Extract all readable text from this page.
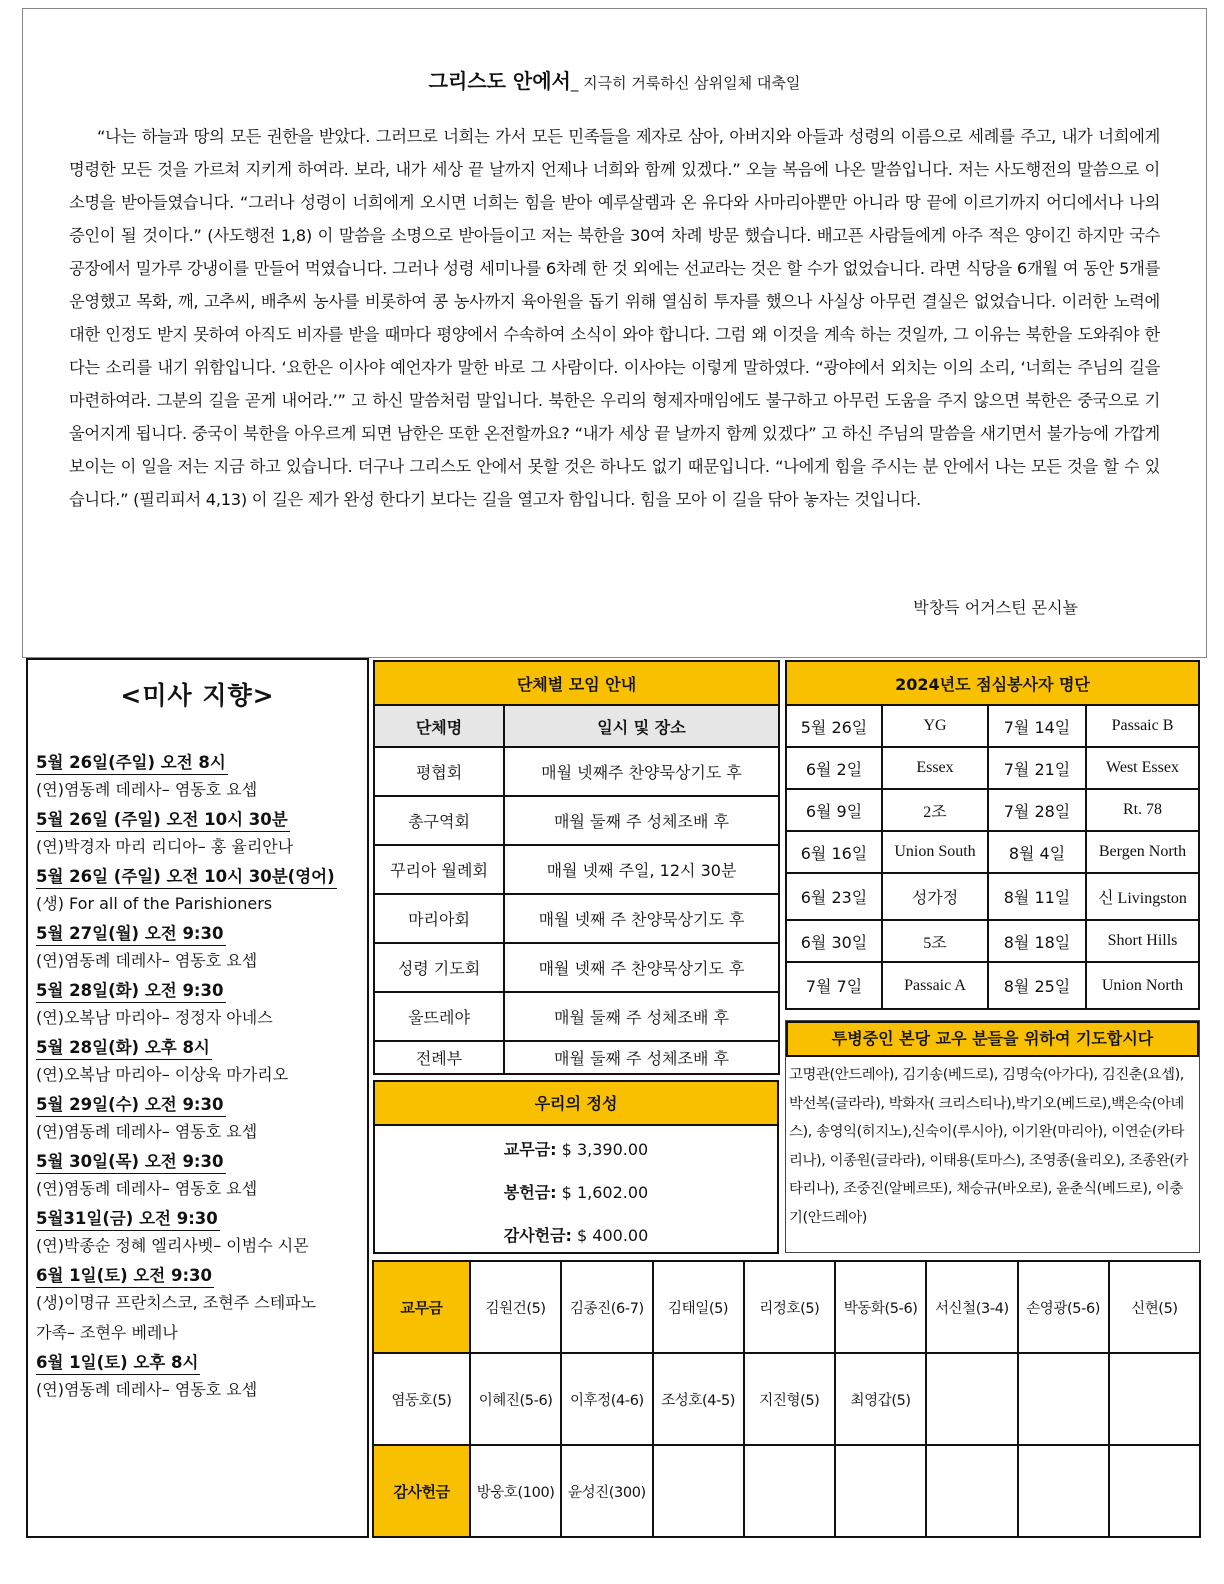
그리스도 안에서_ 지극히 거룩하신 삼위일체 대축일
“나는 하늘과 땅의 모든 권한을 받았다. 그러므로 너희는 가서 모든 민족들을 제자로 삼아, 아버지와 아들과 성령의 이름으로 세례를 주고, 내가 너희에게 명령한 모든 것을 가르쳐 지키게 하여라. 보라, 내가 세상 끝 날까지 언제나 너희와 함께 있겠다.” 오늘 복음에 나온 말씀입니다. 저는 사도행전의 말씀으로 이 소명을 받아들였습니다. “그러나 성령이 너희에게 오시면 너희는 힘을 받아 예루살렘과 온 유다와 사마리아뿐만 아니라 땅 끝에 이르기까지 어디에서나 나의 증인이 될 것이다.” (사도행전 1,8) 이 말씀을 소명으로 받아들이고 저는 북한을 30여 차례 방문 했습니다. 배고픈 사람들에게 아주 적은 양이긴 하지만 국수 공장에서 밀가루 강냉이를 만들어 먹였습니다. 그러나 성령 세미나를 6차례 한 것 외에는 선교라는 것은 할 수가 없었습니다. 라면 식당을 6개월 여 동안 5개를 운영했고 목화, 깨, 고추씨, 배추씨 농사를 비롯하여 콩 농사까지 육아원을 돕기 위해 열심히 투자를 했으나 사실상 아무런 결실은 없었습니다. 이러한 노력에 대한 인정도 받지 못하여 아직도 비자를 받을 때마다 평양에서 수속하여 소식이 와야 합니다. 그럼 왜 이것을 계속 하는 것일까, 그 이유는 북한을 도와줘야 한다는 소리를 내기 위함입니다. ‘요한은 이사야 예언자가 말한 바로 그 사람이다. 이사야는 이렇게 말하였다. “광야에서 외치는 이의 소리, ‘너희는 주님의 길을 마련하여라. 그분의 길을 곧게 내어라.’” 고 하신 말씀처럼 말입니다. 북한은 우리의 형제자매임에도 불구하고 아무런 도움을 주지 않으면 북한은 중국으로 기울어지게 됩니다. 중국이 북한을 아우르게 되면 남한은 또한 온전할까요? “내가 세상 끝 날까지 함께 있겠다” 고 하신 주님의 말씀을 새기면서 불가능에 가깝게 보이는 이 일을 저는 지금 하고 있습니다. 더구나 그리스도 안에서 못할 것은 하나도 없기 때문입니다. “나에게 힘을 주시는 분 안에서 나는 모든 것을 할 수 있습니다.” (필리피서 4,13) 이 길은 제가 완성 한다기 보다는 길을 열고자 함입니다. 힘을 모아 이 길을 닦아 놓자는 것입니다.
박창득 어거스틴 몬시뇰
<미사 지향>
5월 26일(주일) 오전 8시
(연)염동례 데레사– 염동호 요셉
5월 26일 (주일) 오전 10시 30분
(연)박경자 마리 리디아– 홍 율리안나
5월 26일 (주일) 오전 10시 30분(영어)
(생) For all of the Parishioners
5월 27일(월) 오전 9:30
(연)염동례 데레사– 염동호 요셉
5월 28일(화) 오전 9:30
(연)오복남 마리아– 정정자 아네스
5월 28일(화) 오후 8시
(연)오복남 마리아– 이상욱 마가리오
5월 29일(수) 오전 9:30
(연)염동례 데레사– 염동호 요셉
5월 30일(목) 오전 9:30
(연)염동례 데레사– 염동호 요셉
5월31일(금) 오전 9:30
(연)박종순 정혜 엘리사벳– 이범수 시몬
6월 1일(토) 오전 9:30
(생)이명규 프란치스코, 조현주 스테파노
가족– 조현우 베레나
6월 1일(토) 오후 8시
(연)염동례 데레사– 염동호 요셉
단체별 모임 안내	
단체명	일시 및 장소
평협회	매월 넷째주 찬양묵상기도 후
총구역회	매월 둘째 주 성체조배 후
꾸리아 월례회	매월 넷째 주일, 12시 30분
마리아회	매월 넷째 주 찬양묵상기도 후
성령 기도회	매월 넷째 주 찬양묵상기도 후
울뜨레야	매월 둘째 주 성체조배 후
전례부	매월 둘째 주 성체조배 후
2024년도 점심봉사자 명단			
5월 26일	YG	7월 14일	Passaic B
6월 2일	Essex	7월 21일	West Essex
6월 9일	2조	7월 28일	Rt. 78
6월 16일	Union South	8월 4일	Bergen North
6월 23일	성가정	8월 11일	신 Livingston
6월 30일	5조	8월 18일	Short Hills
7월 7일	Passaic A	8월 25일	Union North
투병중인 본당 교우 분들을 위하여 기도합시다
고명관(안드레아), 김기송(베드로), 김명숙(아가다), 김진춘(요셉), 박선복(글라라), 박화자( 크리스티나),박기오(베드로),백은숙(아녜스), 송영익(히지노),신숙이(루시아), 이기완(마리아), 이연순(카타리나), 이종원(글라라), 이태용(토마스), 조영종(율리오), 조종완(카타리나), 조중진(알베르또), 채승규(바오로), 윤춘식(베드로), 이충기(안드레아)
우리의 정성
교무금: $ 3,390.00
봉헌금: $ 1,602.00
감사헌금: $ 400.00
교무금	김원건(5)	김종진(6-7)	김태일(5)	리정호(5)	박동화(5-6)	서신철(3-4)	손영광(5-6)	신현(5)
염동호(5)	이혜진(5-6)	이후정(4-6)	조성호(4-5)	지진형(5)	최영갑(5)			
감사헌금	방웅호(100)	윤성진(300)						
